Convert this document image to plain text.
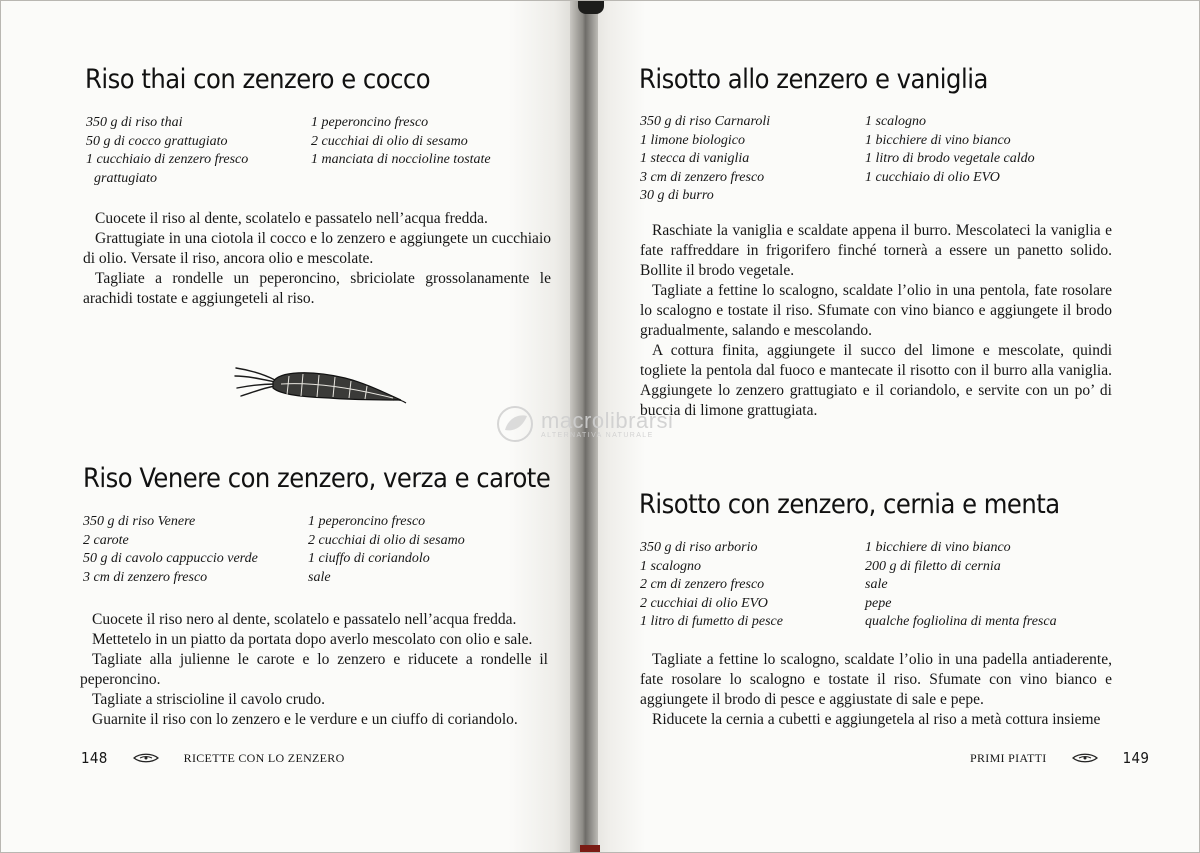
Riso thai con zenzero e cocco
350 g di riso thai
50 g di cocco grattugiato
1 cucchiaio di zenzero fresco
grattugiato
1 peperoncino fresco
2 cucchiai di olio di sesamo
1 manciata di noccioline tostate

Cuocete il riso al dente, scolatelo e passatelo nell’acqua fredda.

Grattugiate in una ciotola il cocco e lo zenzero e aggiungete un cucchiaio di olio. Versate il riso, ancora olio e mescolate.

Tagliate a rondelle un peperoncino, sbriciolate grossolanamente le arachidi tostate e aggiungeteli al riso.

Riso Venere con zenzero, verza e carote
350 g di riso Venere
2 carote
50 g di cavolo cappuccio verde
3 cm di zenzero fresco
1 peperoncino fresco
2 cucchiai di olio di sesamo
1 ciuffo di coriandolo
sale

Cuocete il riso nero al dente, scolatelo e passatelo nell’acqua fredda.

Mettetelo in un piatto da portata dopo averlo mescolato con olio e sale.

Tagliate alla julienne le carote e lo zenzero e riducete a rondelle il peperoncino.

Tagliate a striscioline il cavolo crudo.

Guarnite il riso con lo zenzero e le verdure e un ciuffo di coriandolo.

148	RICETTE CON LO ZENZERO
Risotto allo zenzero e vaniglia
350 g di riso Carnaroli
1 limone biologico
1 stecca di vaniglia
3 cm di zenzero fresco
30 g di burro
1 scalogno
1 bicchiere di vino bianco
1 litro di brodo vegetale caldo
1 cucchiaio di olio EVO

Raschiate la vaniglia e scaldate appena il burro. Mescolateci la vaniglia e fate raffreddare in frigorifero finché tornerà a essere un panetto solido. Bollite il brodo vegetale.

Tagliate a fettine lo scalogno, scaldate l’olio in una pentola, fate rosolare lo scalogno e tostate il riso. Sfumate con vino bianco e aggiungete il brodo gradualmente, salando e mescolando.

A cottura finita, aggiungete il succo del limone e mescolate, quindi togliete la pentola dal fuoco e mantecate il risotto con il burro alla vaniglia. Aggiungete lo zenzero grattugiato e il coriandolo, e servite con un po’ di buccia di limone grattugiata.

Risotto con zenzero, cernia e menta
350 g di riso arborio
1 scalogno
2 cm di zenzero fresco
2 cucchiai di olio EVO
1 litro di fumetto di pesce
1 bicchiere di vino bianco
200 g di filetto di cernia
sale
pepe
qualche fogliolina di menta fresca

Tagliate a fettine lo scalogno, scaldate l’olio in una padella antiaderente, fate rosolare lo scalogno e tostate il riso. Sfumate con vino bianco e aggiungete il brodo di pesce e aggiustate di sale e pepe.

Riducete la cernia a cubetti e aggiungetela al riso a metà cottura insieme

PRIMI PIATTI	149
macrolibrarsi
ALTERNATIVA NATURALE
